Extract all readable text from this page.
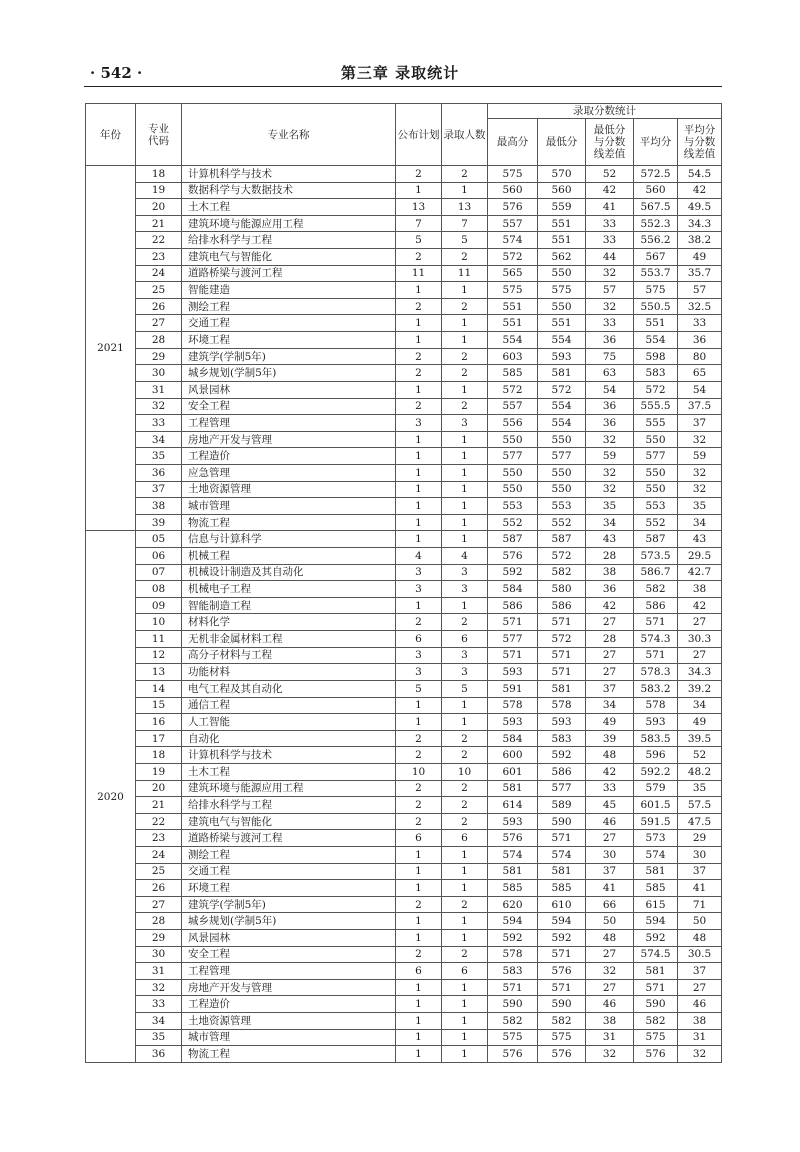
· 542 ·	第三章 录取统计
年份	专业代码	专业名称	公布计划	录取人数	录取分数统计				
					最高分	最低分	最低分与分数线差值	平均分	平均分与分数线差值
2021	18	计算机科学与技术	2	2	575	570	52	572.5	54.5
	19	数据科学与大数据技术	1	1	560	560	42	560	42
	20	土木工程	13	13	576	559	41	567.5	49.5
	21	建筑环境与能源应用工程	7	7	557	551	33	552.3	34.3
	22	给排水科学与工程	5	5	574	551	33	556.2	38.2
	23	建筑电气与智能化	2	2	572	562	44	567	49
	24	道路桥梁与渡河工程	11	11	565	550	32	553.7	35.7
	25	智能建造	1	1	575	575	57	575	57
	26	测绘工程	2	2	551	550	32	550.5	32.5
	27	交通工程	1	1	551	551	33	551	33
	28	环境工程	1	1	554	554	36	554	36
	29	建筑学(学制5年)	2	2	603	593	75	598	80
	30	城乡规划(学制5年)	2	2	585	581	63	583	65
	31	风景园林	1	1	572	572	54	572	54
	32	安全工程	2	2	557	554	36	555.5	37.5
	33	工程管理	3	3	556	554	36	555	37
	34	房地产开发与管理	1	1	550	550	32	550	32
	35	工程造价	1	1	577	577	59	577	59
	36	应急管理	1	1	550	550	32	550	32
	37	土地资源管理	1	1	550	550	32	550	32
	38	城市管理	1	1	553	553	35	553	35
	39	物流工程	1	1	552	552	34	552	34
2020	05	信息与计算科学	1	1	587	587	43	587	43
	06	机械工程	4	4	576	572	28	573.5	29.5
	07	机械设计制造及其自动化	3	3	592	582	38	586.7	42.7
	08	机械电子工程	3	3	584	580	36	582	38
	09	智能制造工程	1	1	586	586	42	586	42
	10	材料化学	2	2	571	571	27	571	27
	11	无机非金属材料工程	6	6	577	572	28	574.3	30.3
	12	高分子材料与工程	3	3	571	571	27	571	27
	13	功能材料	3	3	593	571	27	578.3	34.3
	14	电气工程及其自动化	5	5	591	581	37	583.2	39.2
	15	通信工程	1	1	578	578	34	578	34
	16	人工智能	1	1	593	593	49	593	49
	17	自动化	2	2	584	583	39	583.5	39.5
	18	计算机科学与技术	2	2	600	592	48	596	52
	19	土木工程	10	10	601	586	42	592.2	48.2
	20	建筑环境与能源应用工程	2	2	581	577	33	579	35
	21	给排水科学与工程	2	2	614	589	45	601.5	57.5
	22	建筑电气与智能化	2	2	593	590	46	591.5	47.5
	23	道路桥梁与渡河工程	6	6	576	571	27	573	29
	24	测绘工程	1	1	574	574	30	574	30
	25	交通工程	1	1	581	581	37	581	37
	26	环境工程	1	1	585	585	41	585	41
	27	建筑学(学制5年)	2	2	620	610	66	615	71
	28	城乡规划(学制5年)	1	1	594	594	50	594	50
	29	风景园林	1	1	592	592	48	592	48
	30	安全工程	2	2	578	571	27	574.5	30.5
	31	工程管理	6	6	583	576	32	581	37
	32	房地产开发与管理	1	1	571	571	27	571	27
	33	工程造价	1	1	590	590	46	590	46
	34	土地资源管理	1	1	582	582	38	582	38
	35	城市管理	1	1	575	575	31	575	31
	36	物流工程	1	1	576	576	32	576	32
